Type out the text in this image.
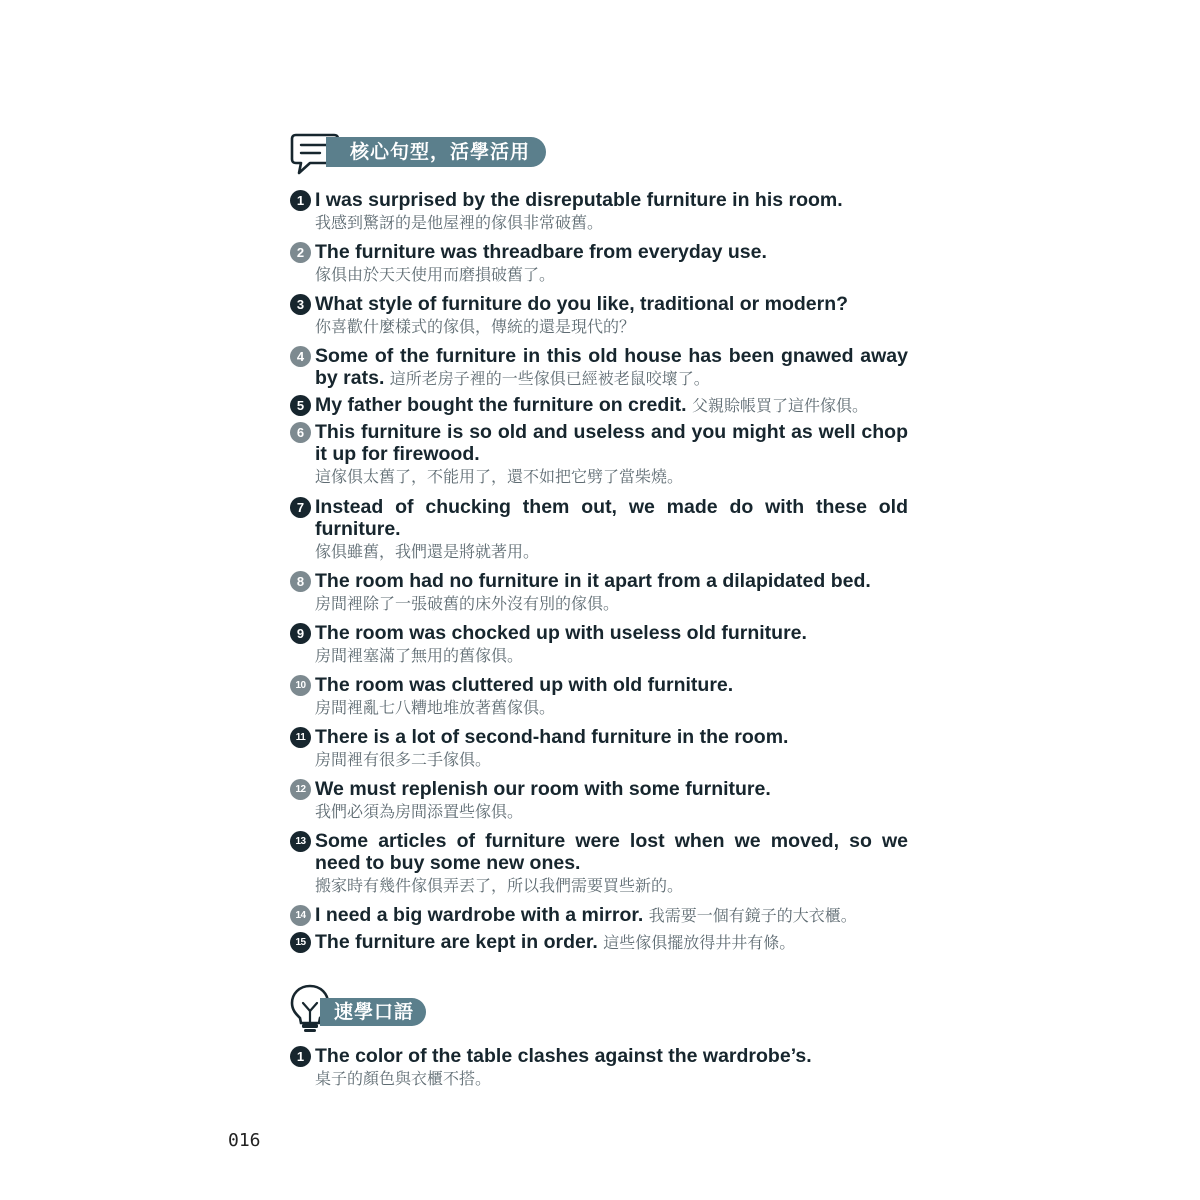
核心句型，活學活用
1 I was surprised by the disreputable furniture in his room.
我感到驚訝的是他屋裡的傢俱非常破舊。
2 The furniture was threadbare from everyday use.
傢俱由於天天使用而磨損破舊了。
3 What style of furniture do you like, traditional or modern?
你喜歡什麼樣式的傢俱，傳統的還是現代的？
4 Some of the furniture in this old house has been gnawed away by rats. 這所老房子裡的一些傢俱已經被老鼠咬壞了。
5 My father bought the furniture on credit. 父親賒帳買了這件傢俱。
6 This furniture is so old and useless and you might as well chop it up for firewood.
這傢俱太舊了，不能用了，還不如把它劈了當柴燒。
7 Instead of chucking them out, we made do with these old furniture.
傢俱雖舊，我們還是將就著用。
8 The room had no furniture in it apart from a dilapidated bed.
房間裡除了一張破舊的床外沒有別的傢俱。
9 The room was chocked up with useless old furniture.
房間裡塞滿了無用的舊傢俱。
10 The room was cluttered up with old furniture.
房間裡亂七八糟地堆放著舊傢俱。
11 There is a lot of second-hand furniture in the room.
房間裡有很多二手傢俱。
12 We must replenish our room with some furniture.
我們必須為房間添置些傢俱。
13 Some articles of furniture were lost when we moved, so we need to buy some new ones.
搬家時有幾件傢俱弄丟了，所以我們需要買些新的。
14 I need a big wardrobe with a mirror. 我需要一個有鏡子的大衣櫃。
15 The furniture are kept in order. 這些傢俱擺放得井井有條。
速學口語
1 The color of the table clashes against the wardrobe’s.
桌子的顏色與衣櫃不搭。
016
